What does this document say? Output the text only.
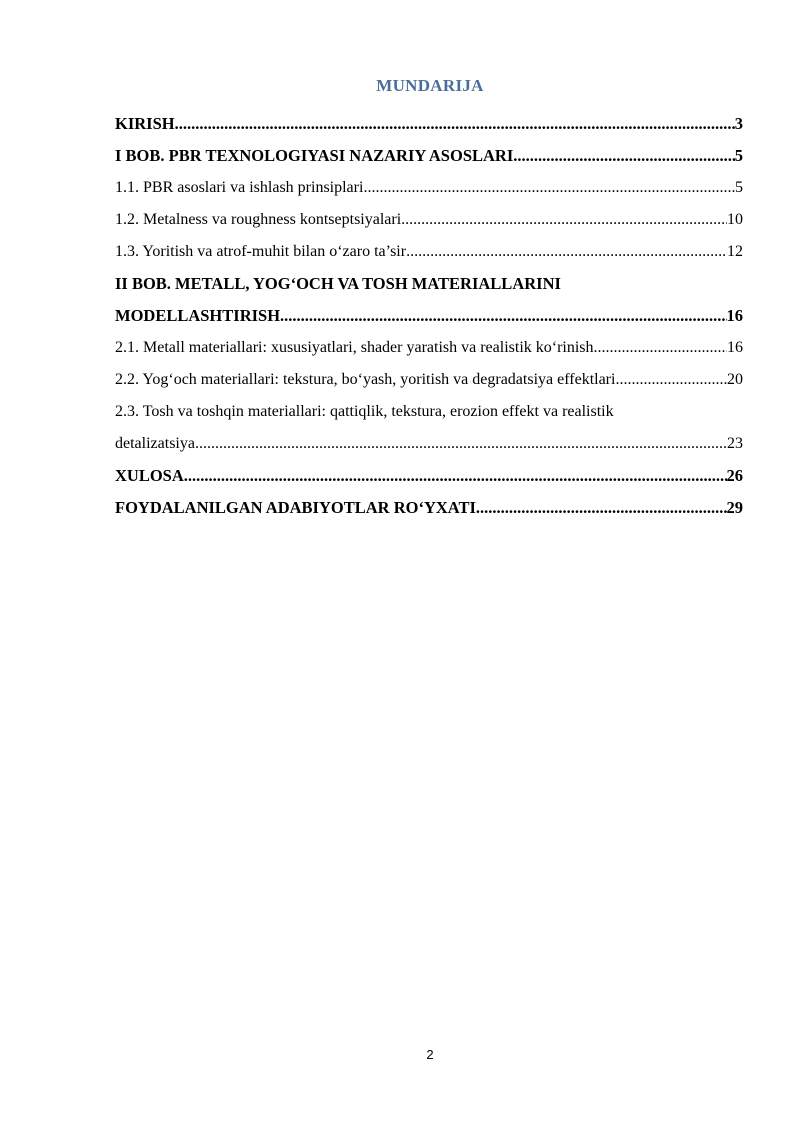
MUNDARIJA
KIRISH .....	3
I BOB. PBR TEXNOLOGIYASI NAZARIY ASOSLARI .....	5
1.1. PBR asoslari va ishlash prinsiplari .....	5
1.2. Metalness va roughness kontseptsiyalari .....	10
1.3. Yoritish va atrof-muhit bilan o‘zaro ta’sir .....	12
II BOB. METALL, YOG‘OCH VA TOSH MATERIALLARINI
MODELLASHTIRISH .....	16
2.1. Metall materiallari: xususiyatlari, shader yaratish va realistik ko‘rinish .....	16
2.2. Yog‘och materiallari: tekstura, bo‘yash, yoritish va degradatsiya effektlari .....	20
2.3. Tosh va toshqin materiallari: qattiqlik, tekstura, erozion effekt va realistik
detalizatsiya .....	23
XULOSA .....	26
FOYDALANILGAN ADABIYOTLAR RO‘YXATI .....	29
2
